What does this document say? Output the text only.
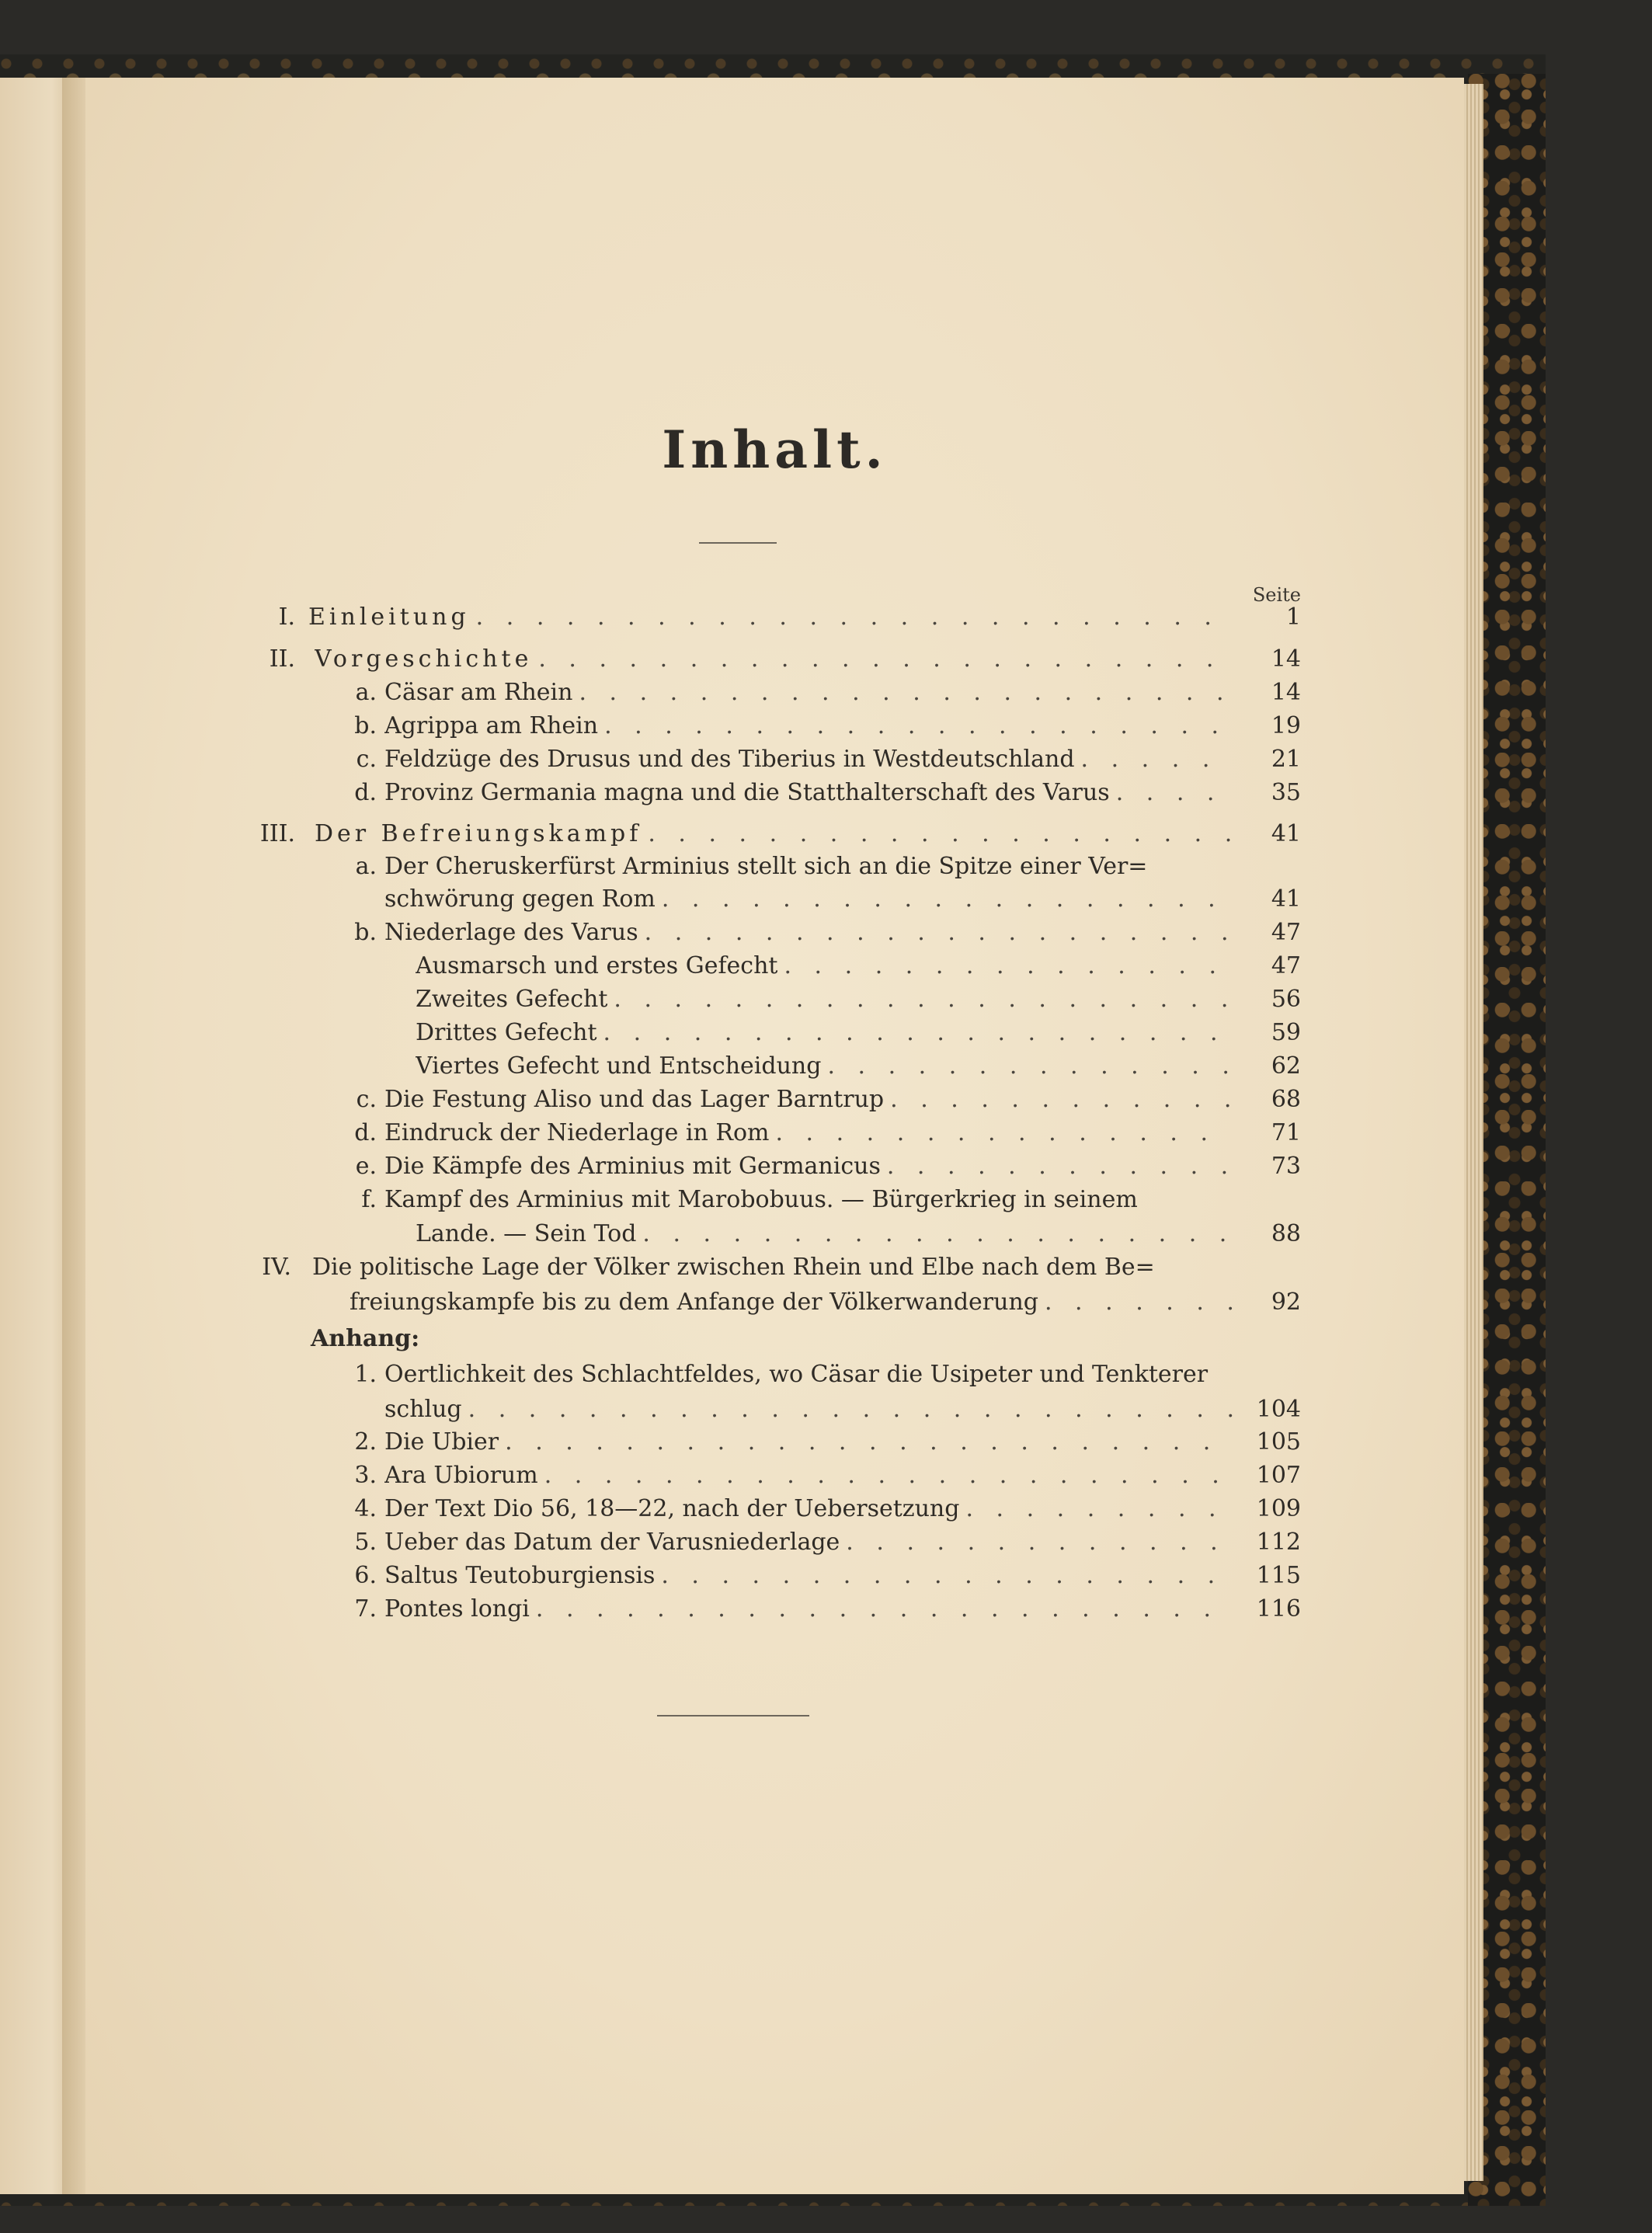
Inhalt.
Seite
I. Einleitung . . .	1
II. Vorgeschichte . . .	14
a. Cäsar am Rhein . . .	14
b. Agrippa am Rhein . . .	19
c. Feldzüge des Drusus und des Tiberius in Westdeutschland . . .	21
d. Provinz Germania magna und die Statthalterschaft des Varus . . .	35
III. Der Befreiungskampf . . .	41
a. Der Cheruskerfürst Arminius stellt sich an die Spitze einer Ver=
schwörung gegen Rom . . .	41
b. Niederlage des Varus . . .	47
Ausmarsch und erstes Gefecht . . .	47
Zweites Gefecht . . .	56
Drittes Gefecht . . .	59
Viertes Gefecht und Entscheidung . . .	62
c. Die Festung Aliso und das Lager Barntrup . . .	68
d. Eindruck der Niederlage in Rom . . .	71
e. Die Kämpfe des Arminius mit Germanicus . . .	73
f. Kampf des Arminius mit Marobobuus. — Bürgerkrieg in seinem
Lande. — Sein Tod . . .	88
IV. Die politische Lage der Völker zwischen Rhein und Elbe nach dem Be=
freiungskampfe bis zu dem Anfange der Völkerwanderung . . .	92
Anhang:
1. Oertlichkeit des Schlachtfeldes, wo Cäsar die Usipeter und Tenkterer
schlug . . .	104
2. Die Ubier . . .	105
3. Ara Ubiorum . . .	107
4. Der Text Dio 56, 18—22, nach der Uebersetzung . . .	109
5. Ueber das Datum der Varusniederlage . . .	112
6. Saltus Teutoburgiensis . . .	115
7. Pontes longi . . .	116
